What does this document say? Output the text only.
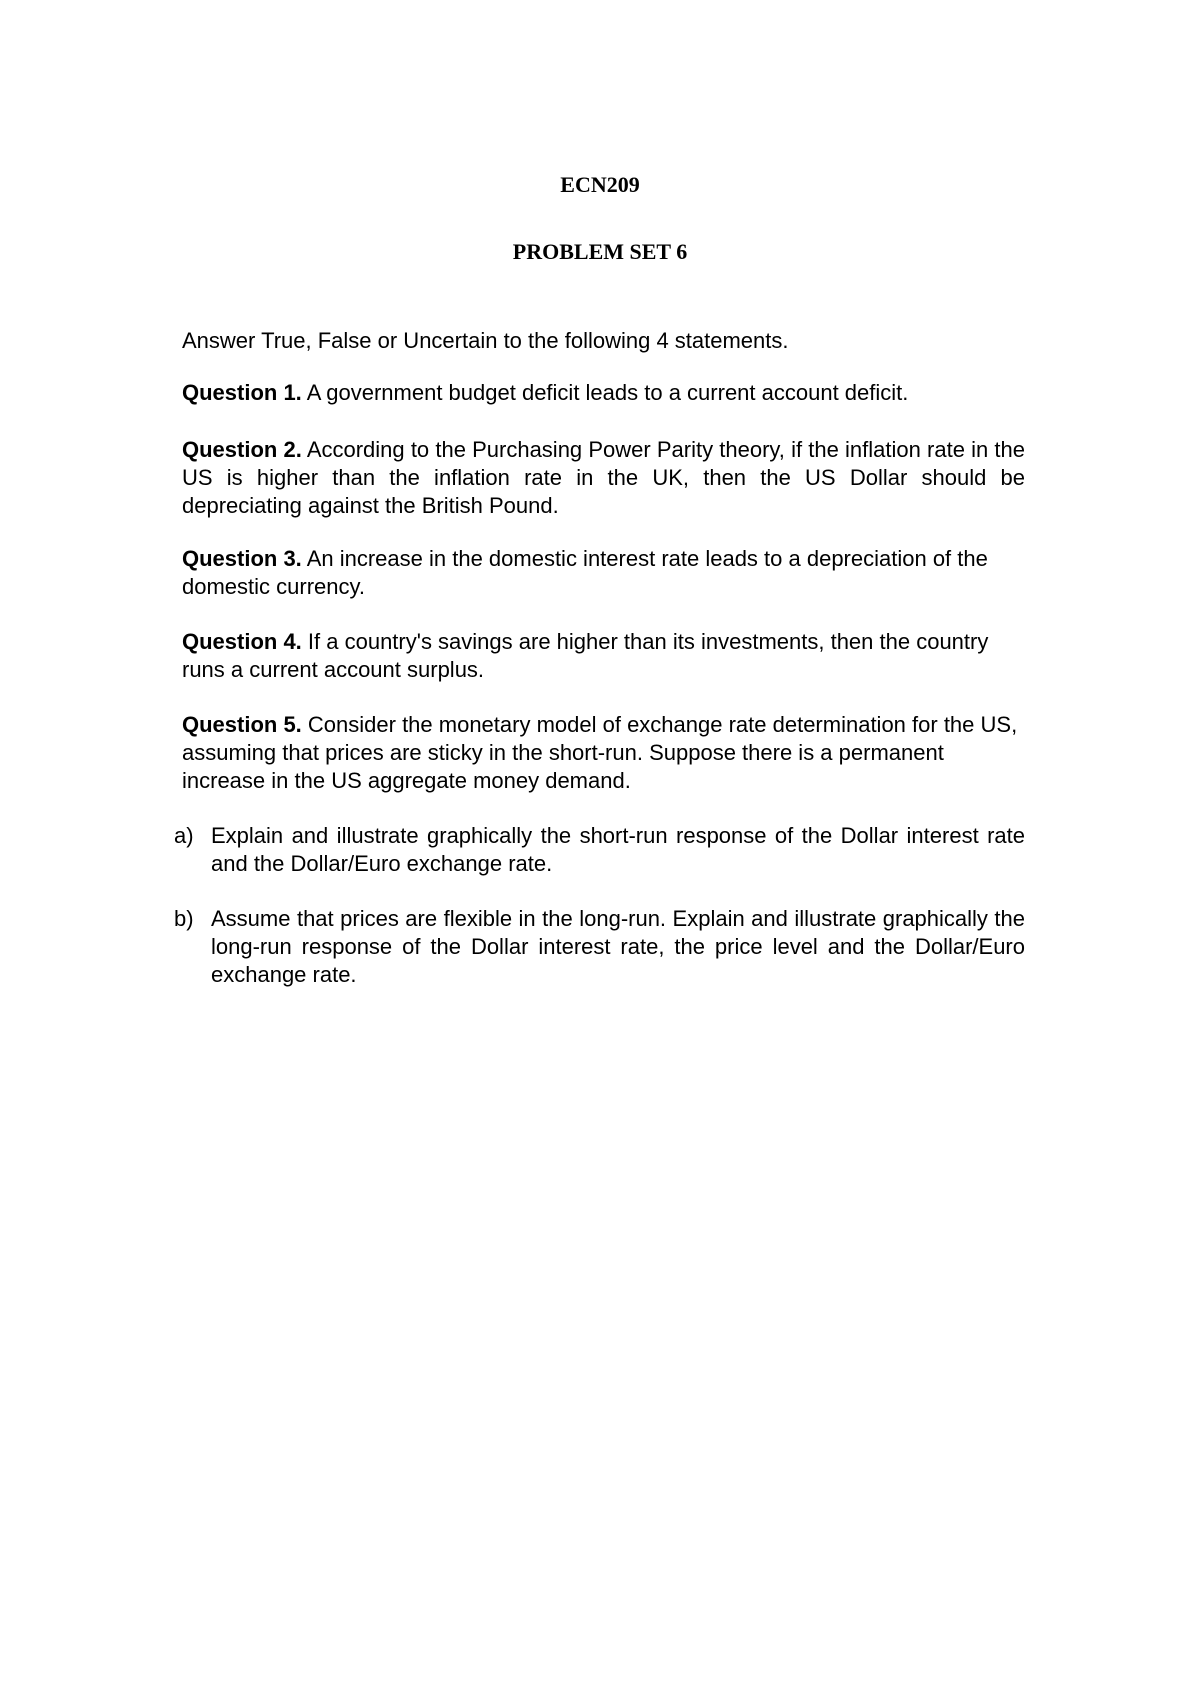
ECN209
PROBLEM SET 6
Answer True, False or Uncertain to the following 4 statements.
Question 1. A government budget deficit leads to a current account deficit.
Question 2. According to the Purchasing Power Parity theory, if the inflation rate in the US is higher than the inflation rate in the UK, then the US Dollar should be depreciating against the British Pound.
Question 3. An increase in the domestic interest rate leads to a depreciation of the domestic currency.
Question 4. If a country's savings are higher than its investments, then the country runs a current account surplus.
Question 5. Consider the monetary model of exchange rate determination for the US, assuming that prices are sticky in the short-run. Suppose there is a permanent increase in the US aggregate money demand.
a) Explain and illustrate graphically the short-run response of the Dollar interest rate and the Dollar/Euro exchange rate.
b) Assume that prices are flexible in the long-run. Explain and illustrate graphically the long-run response of the Dollar interest rate, the price level and the Dollar/Euro exchange rate.
